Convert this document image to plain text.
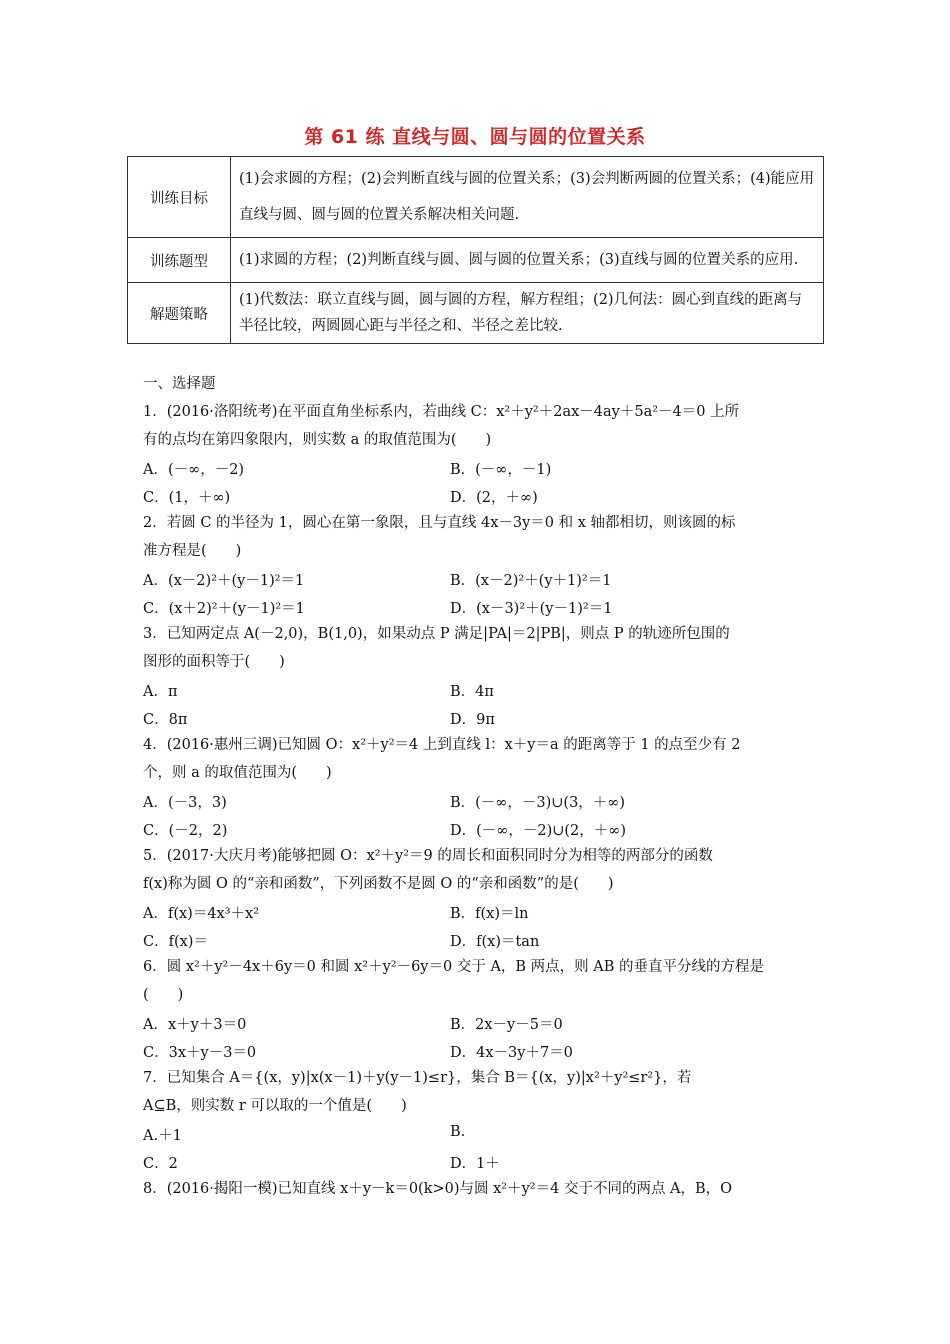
第 61 练 直线与圆、圆与圆的位置关系
训练目标	(1)会求圆的方程；(2)会判断直线与圆的位置关系；(3)会判断两圆的位置关系；(4)能应用直线与圆、圆与圆的位置关系解决相关问题.
训练题型	(1)求圆的方程；(2)判断直线与圆、圆与圆的位置关系；(3)直线与圆的位置关系的应用.
解题策略	(1)代数法：联立直线与圆，圆与圆的方程，解方程组；(2)几何法：圆心到直线的距离与半径比较，两圆圆心距与半径之和、半径之差比较.
一、选择题
1．(2016·洛阳统考)在平面直角坐标系内，若曲线 C：x²＋y²＋2ax－4ay＋5a²－4＝0 上所
有的点均在第四象限内，则实数 a 的取值范围为(　　)
A．(－∞，－2)	B．(－∞，－1)
C．(1，＋∞)	D．(2，＋∞)
2．若圆 C 的半径为 1，圆心在第一象限，且与直线 4x－3y＝0 和 x 轴都相切，则该圆的标
准方程是(　　)
A．(x－2)²＋(y－1)²＝1	B．(x－2)²＋(y＋1)²＝1
C．(x＋2)²＋(y－1)²＝1	D．(x－3)²＋(y－1)²＝1
3．已知两定点 A(－2,0)，B(1,0)，如果动点 P 满足|PA|＝2|PB|，则点 P 的轨迹所包围的
图形的面积等于(　　)
A．π	B．4π
C．8π	D．9π
4．(2016·惠州三调)已知圆 O：x²＋y²＝4 上到直线 l：x＋y＝a 的距离等于 1 的点至少有 2
个，则 a 的取值范围为(　　)
A．(－3，3)	B．(－∞，－3)∪(3，＋∞)
C．(－2，2)	D．(－∞，－2)∪(2，＋∞)
5．(2017·大庆月考)能够把圆 O：x²＋y²＝9 的周长和面积同时分为相等的两部分的函数
f(x)称为圆 O 的“亲和函数”，下列函数不是圆 O 的“亲和函数”的是(　　)
A．f(x)＝4x³＋x²	B．f(x)＝ln
C．f(x)＝	D．f(x)＝tan
6．圆 x²＋y²－4x＋6y＝0 和圆 x²＋y²－6y＝0 交于 A，B 两点，则 AB 的垂直平分线的方程是
(　　)
A．x＋y＋3＝0	B．2x－y－5＝0
C．3x＋y－3＝0	D．4x－3y＋7＝0
7．已知集合 A＝{(x，y)|x(x－1)＋y(y－1)≤r}，集合 B＝{(x，y)|x²＋y²≤r²}，若
A⊆B，则实数 r 可以取的一个值是(　　)
A.＋1	B.
C．2	D．1＋
8．(2016·揭阳一模)已知直线 x＋y－k＝0(k>0)与圆 x²＋y²＝4 交于不同的两点 A，B，O
